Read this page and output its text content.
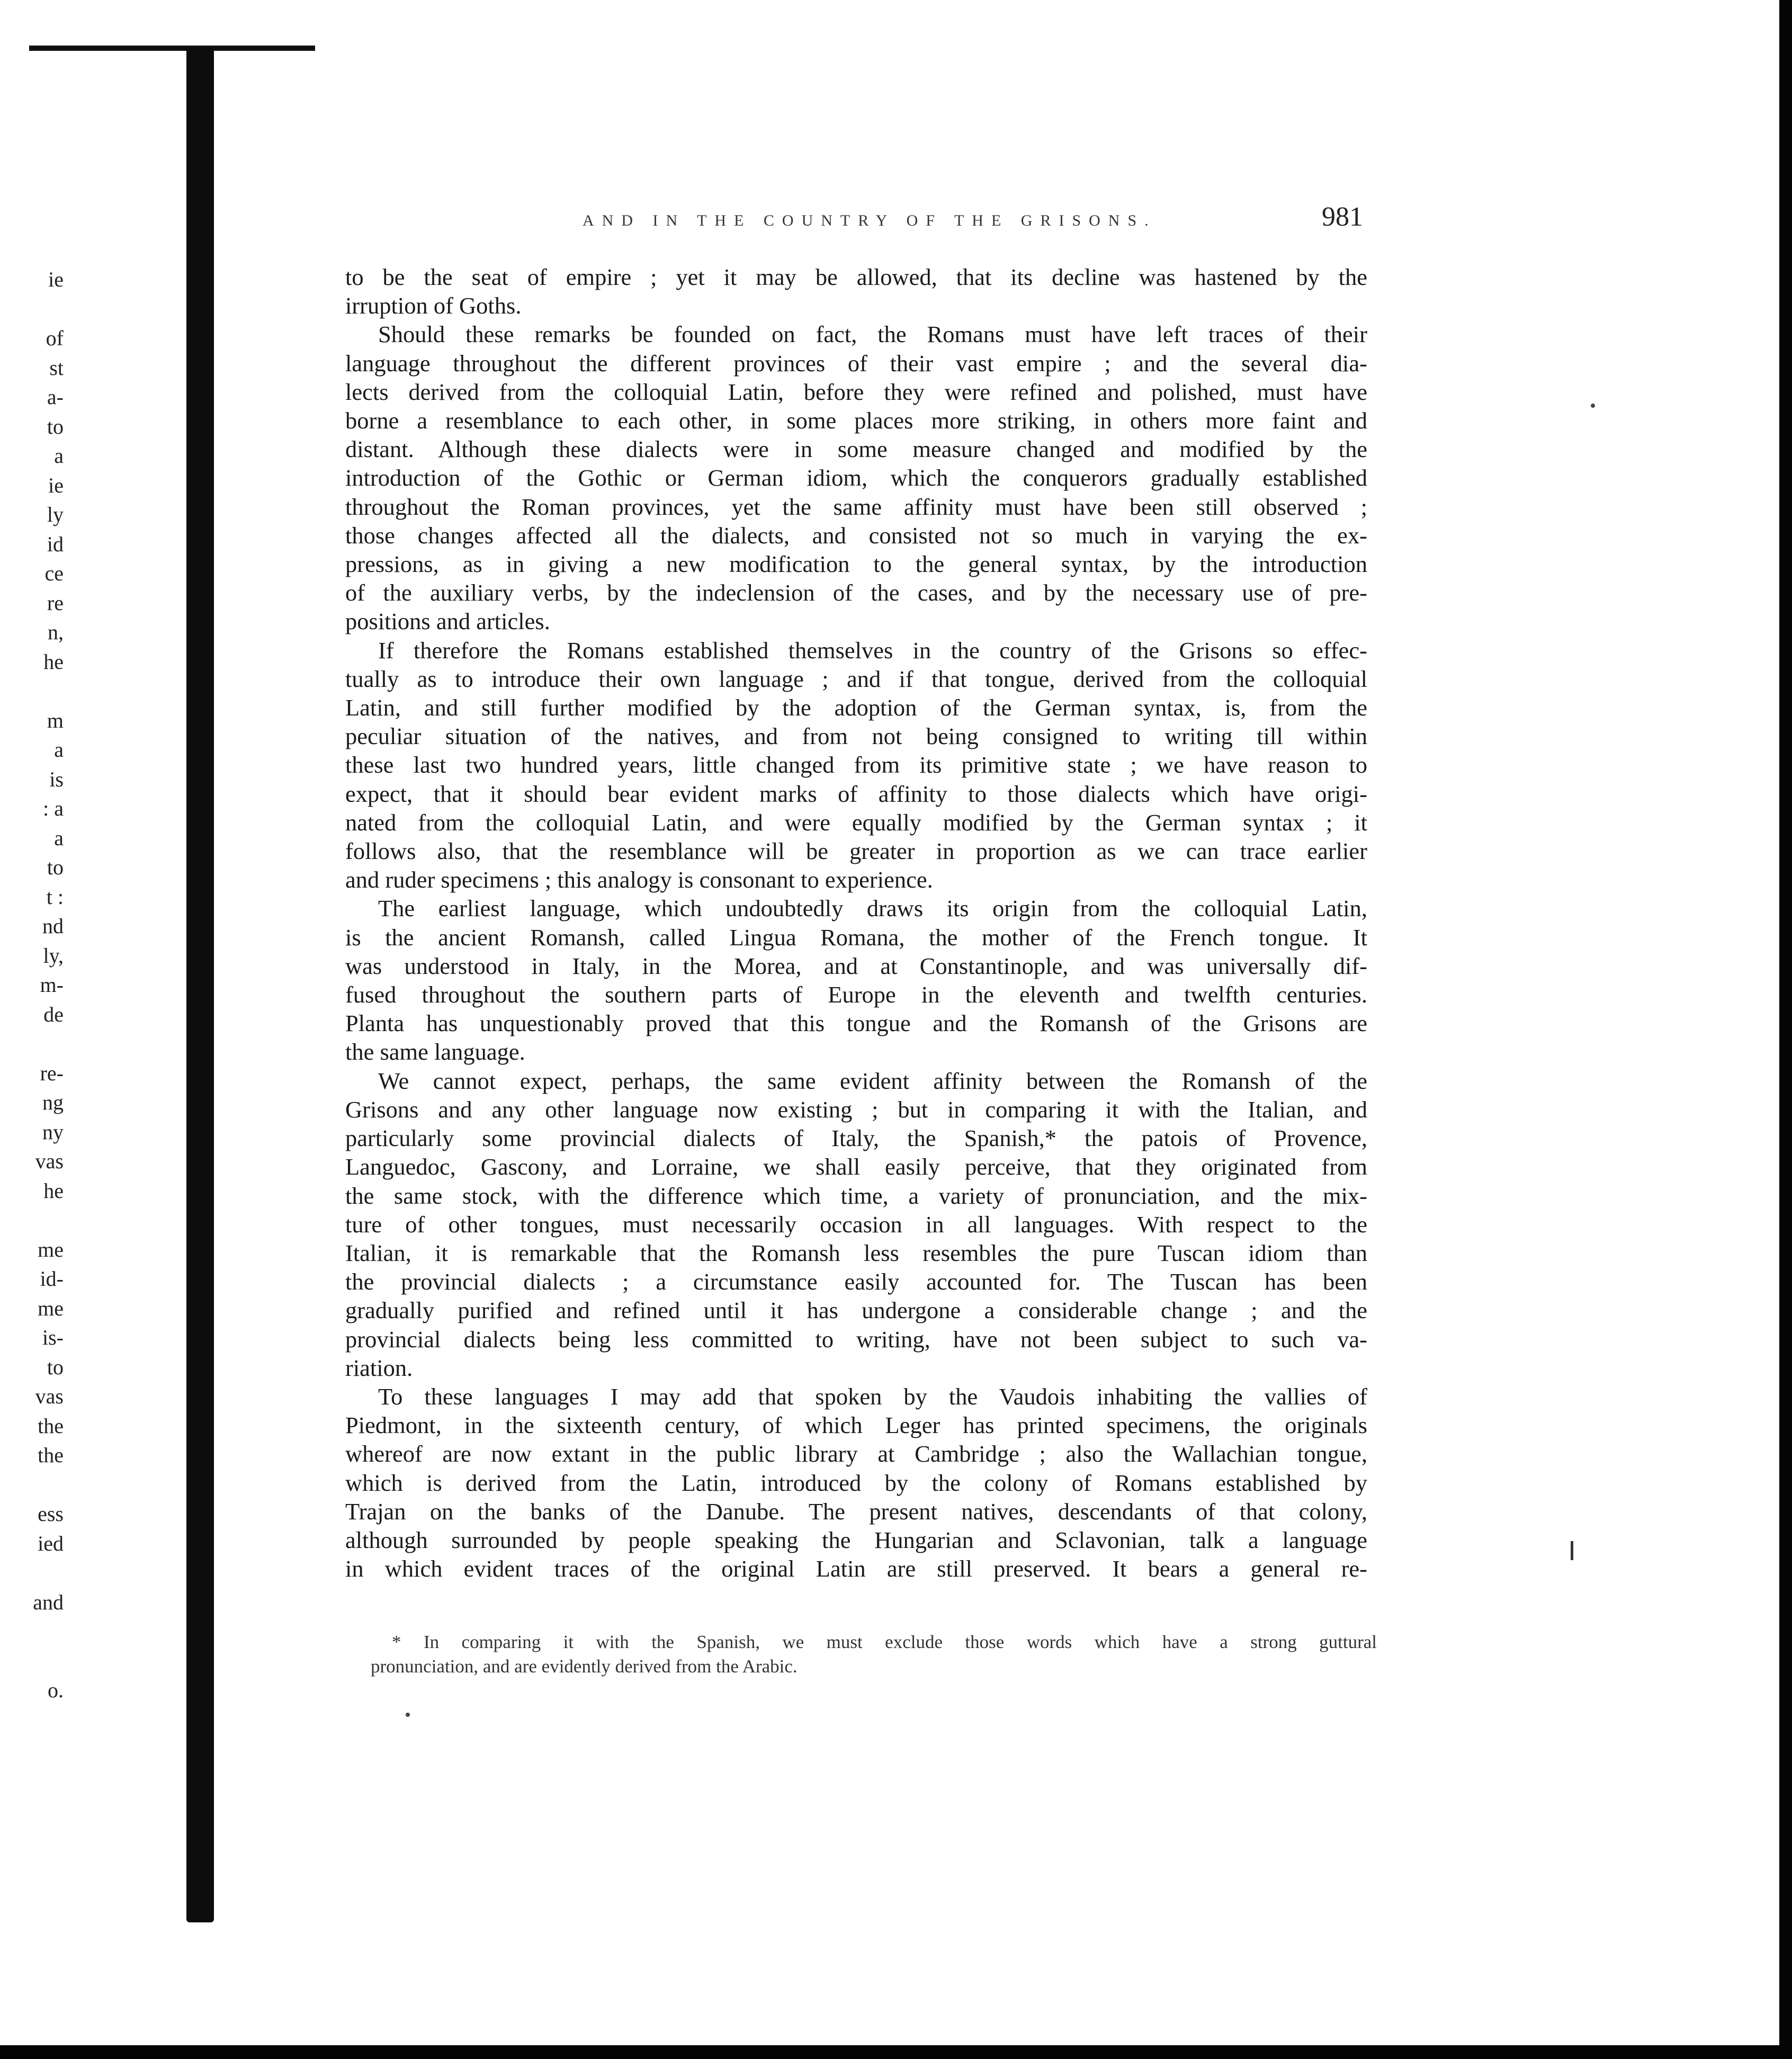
ie
of
st
a-
to
a
ie
ly
id
ce
re
n,
he
m
a
is
: a
a
to
t :
nd
ly,
m-
de
re-
ng
ny
vas
he
me
id-
me
is-
to
vas
the
the
ess
ied
and
o.
AND IN THE COUNTRY OF THE GRISONS.	981
to be the seat of empire ; yet it may be allowed, that its decline was hastened by the
irruption of Goths.
Should these remarks be founded on fact, the Romans must have left traces of their
language throughout the different provinces of their vast empire ; and the several dia-
lects derived from the colloquial Latin, before they were refined and polished, must have
borne a resemblance to each other, in some places more striking, in others more faint and
distant. Although these dialects were in some measure changed and modified by the
introduction of the Gothic or German idiom, which the conquerors gradually established
throughout the Roman provinces, yet the same affinity must have been still observed ;
those changes affected all the dialects, and consisted not so much in varying the ex-
pressions, as in giving a new modification to the general syntax, by the introduction
of the auxiliary verbs, by the indeclension of the cases, and by the necessary use of pre-
positions and articles.
If therefore the Romans established themselves in the country of the Grisons so effec-
tually as to introduce their own language ; and if that tongue, derived from the colloquial
Latin, and still further modified by the adoption of the German syntax, is, from the
peculiar situation of the natives, and from not being consigned to writing till within
these last two hundred years, little changed from its primitive state ; we have reason to
expect, that it should bear evident marks of affinity to those dialects which have origi-
nated from the colloquial Latin, and were equally modified by the German syntax ; it
follows also, that the resemblance will be greater in proportion as we can trace earlier
and ruder specimens ; this analogy is consonant to experience.
The earliest language, which undoubtedly draws its origin from the colloquial Latin,
is the ancient Romansh, called Lingua Romana, the mother of the French tongue. It
was understood in Italy, in the Morea, and at Constantinople, and was universally dif-
fused throughout the southern parts of Europe in the eleventh and twelfth centuries.
Planta has unquestionably proved that this tongue and the Romansh of the Grisons are
the same language.
We cannot expect, perhaps, the same evident affinity between the Romansh of the
Grisons and any other language now existing ; but in comparing it with the Italian, and
particularly some provincial dialects of Italy, the Spanish,* the patois of Provence,
Languedoc, Gascony, and Lorraine, we shall easily perceive, that they originated from
the same stock, with the difference which time, a variety of pronunciation, and the mix-
ture of other tongues, must necessarily occasion in all languages. With respect to the
Italian, it is remarkable that the Romansh less resembles the pure Tuscan idiom than
the provincial dialects ; a circumstance easily accounted for. The Tuscan has been
gradually purified and refined until it has undergone a considerable change ; and the
provincial dialects being less committed to writing, have not been subject to such va-
riation.
To these languages I may add that spoken by the Vaudois inhabiting the vallies of
Piedmont, in the sixteenth century, of which Leger has printed specimens, the originals
whereof are now extant in the public library at Cambridge ; also the Wallachian tongue,
which is derived from the Latin, introduced by the colony of Romans established by
Trajan on the banks of the Danube. The present natives, descendants of that colony,
although surrounded by people speaking the Hungarian and Sclavonian, talk a language
in which evident traces of the original Latin are still preserved. It bears a general re-
* In comparing it with the Spanish, we must exclude those words which have a strong guttural
pronunciation, and are evidently derived from the Arabic.
